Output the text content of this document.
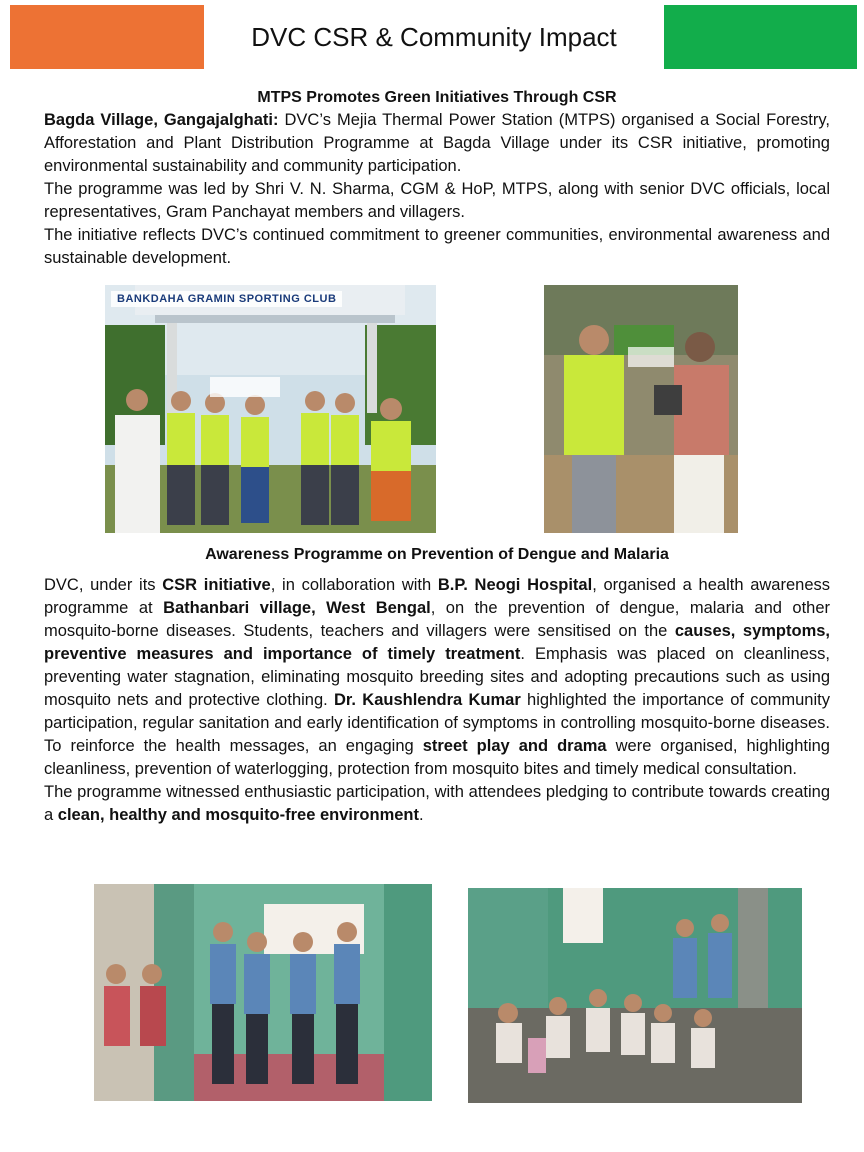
DVC CSR & Community Impact
MTPS Promotes Green Initiatives Through CSR

Bagda Village, Gangajalghati: DVC’s Mejia Thermal Power Station (MTPS) organised a Social Forestry, Afforestation and Plant Distribution Programme at Bagda Village under its CSR initiative, promoting environmental sustainability and community participation.

The programme was led by Shri V. N. Sharma, CGM & HoP, MTPS, along with senior DVC officials, local representatives, Gram Panchayat members and villagers.

The initiative reflects DVC’s continued commitment to greener communities, environmental awareness and sustainable development.

BANKDAHA GRAMIN SPORTING CLUB
Awareness Programme on Prevention of Dengue and Malaria

DVC, under its CSR initiative, in collaboration with B.P. Neogi Hospital, organised a health awareness programme at Bathanbari village, West Bengal, on the prevention of dengue, malaria and other mosquito-borne diseases. Students, teachers and villagers were sensitised on the causes, symptoms, preventive measures and importance of timely treatment. Emphasis was placed on cleanliness, preventing water stagnation, eliminating mosquito breeding sites and adopting precautions such as using mosquito nets and protective clothing. Dr. Kaushlendra Kumar highlighted the importance of community participation, regular sanitation and early identification of symptoms in controlling mosquito-borne diseases. To reinforce the health messages, an engaging street play and drama were organised, highlighting cleanliness, prevention of waterlogging, protection from mosquito bites and timely medical consultation.

The programme witnessed enthusiastic participation, with attendees pledging to contribute towards creating a clean, healthy and mosquito-free environment.
